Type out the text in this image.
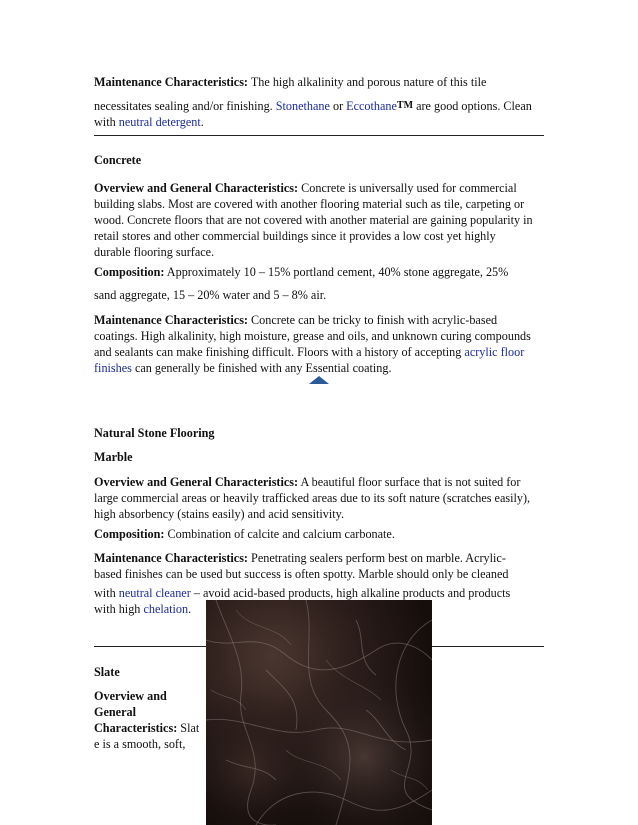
Maintenance Characteristics: The high alkalinity and porous nature of this tile

necessitates sealing and/or finishing. Stonethane or EccothaneTM are good options. Clean
with neutral detergent.

Concrete

Overview and General Characteristics: Concrete is universally used for commercial
building slabs. Most are covered with another flooring material such as tile, carpeting or
wood. Concrete floors that are not covered with another material are gaining popularity in
retail stores and other commercial buildings since it provides a low cost yet highly
durable flooring surface.

Composition: Approximately 10 – 15% portland cement, 40% stone aggregate, 25%

sand aggregate, 15 – 20% water and 5 – 8% air.

Maintenance Characteristics: Concrete can be tricky to finish with acrylic-based
coatings. High alkalinity, high moisture, grease and oils, and unknown curing compounds
and sealants can make finishing difficult. Floors with a history of accepting acrylic floor
finishes can generally be finished with any Essential coating.

Natural Stone Flooring

Marble

Overview and General Characteristics: A beautiful floor surface that is not suited for
large commercial areas or heavily trafficked areas due to its soft nature (scratches easily),
high absorbency (stains easily) and acid sensitivity.

Composition: Combination of calcite and calcium carbonate.

Maintenance Characteristics: Penetrating sealers perform best on marble. Acrylic-
based finishes can be used but success is often spotty. Marble should only be cleaned

with neutral cleaner – avoid acid-based products, high alkaline products and products
with high chelation.

Slate

Overview and
General
Characteristics: Slat
e is a smooth, soft,
